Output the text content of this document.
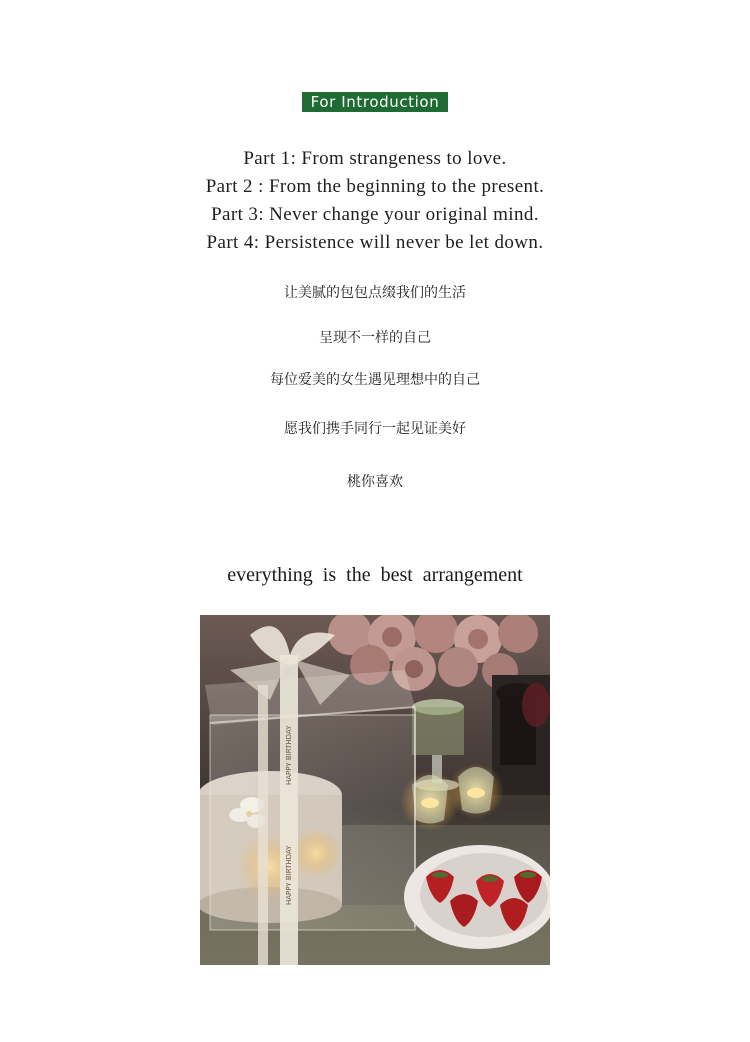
For Introduction
Part 1: From strangeness to love.
Part 2 : From the beginning to the present.
Part 3: Never change your original mind.
Part 4: Persistence will never be let down.
让美腻的包包点缀我们的生活
呈现不一样的自己
每位爱美的女生遇见理想中的自己
愿我们携手同行一起见证美好
桃你喜欢
everything is the best arrangement
HAPPY BIRTHDAY
HAPPY BIRTHDAY
